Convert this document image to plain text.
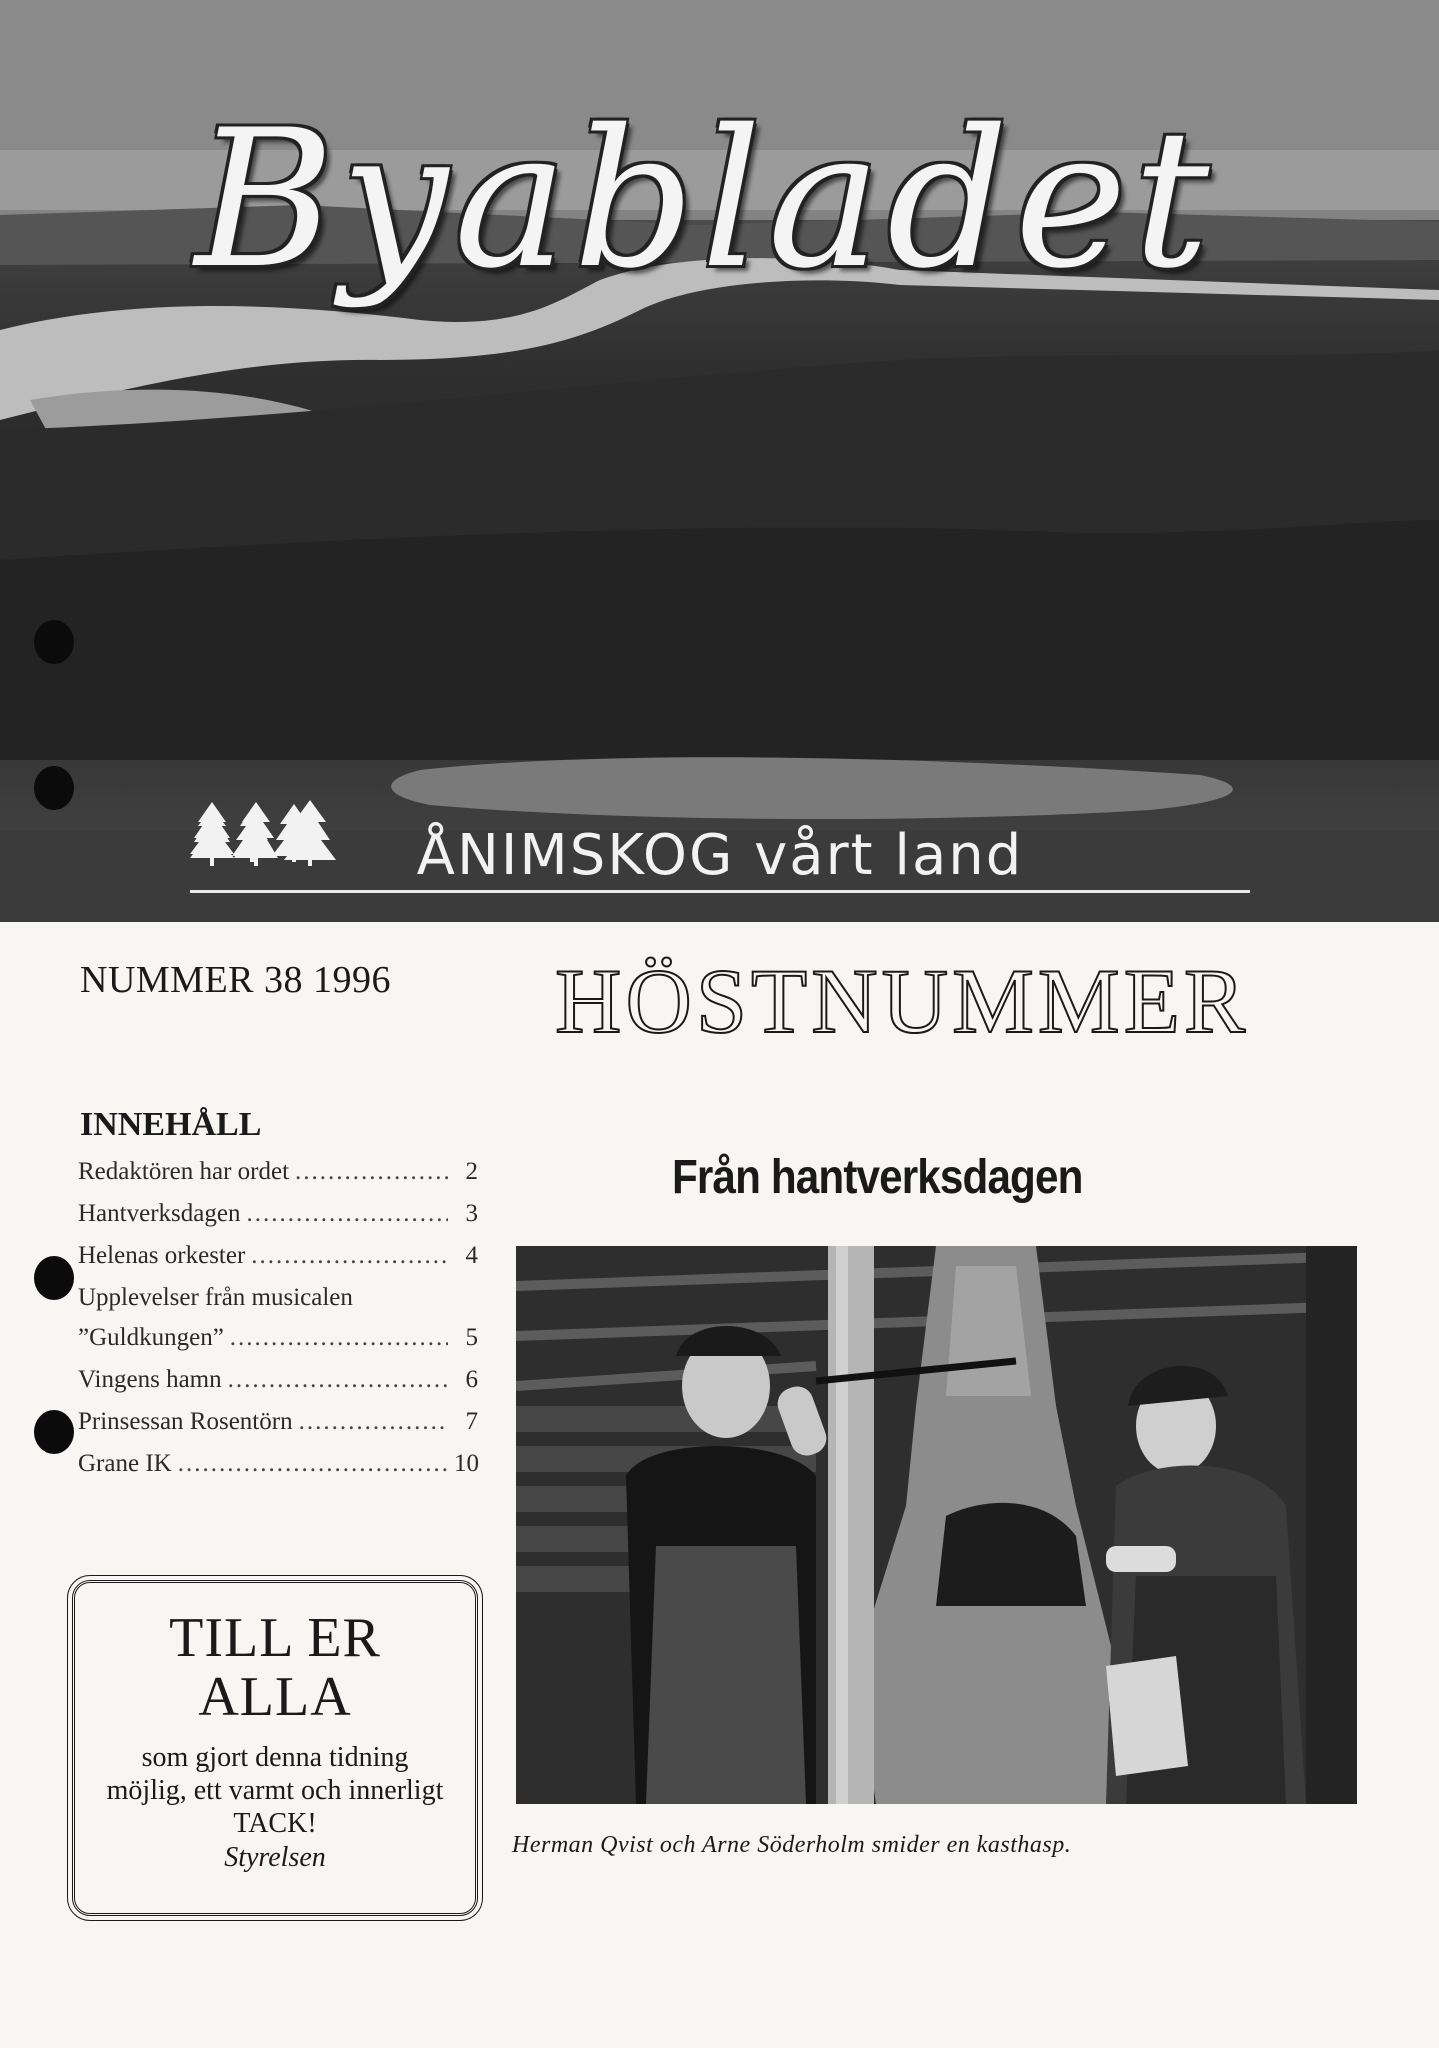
Byabladet
ÅNIMSKOG vårt land
NUMMER 38 1996 HÖSTNUMMER
INNEHÅLL
Redaktören har ordet .....	2
Hantverksdagen .....	3
Helenas orkester .....	4
Upplevelser från musicalen
”Guldkungen” .....	5
Vingens hamn .....	6
Prinsessan Rosentörn .....	7
Grane IK .....	10
TILL ER
ALLA
som gjort denna tidning
möjlig, ett varmt och innerligt
TACK!
Styrelsen
Från hantverksdagen
Herman Qvist och Arne Söderholm smider en kasthasp.
